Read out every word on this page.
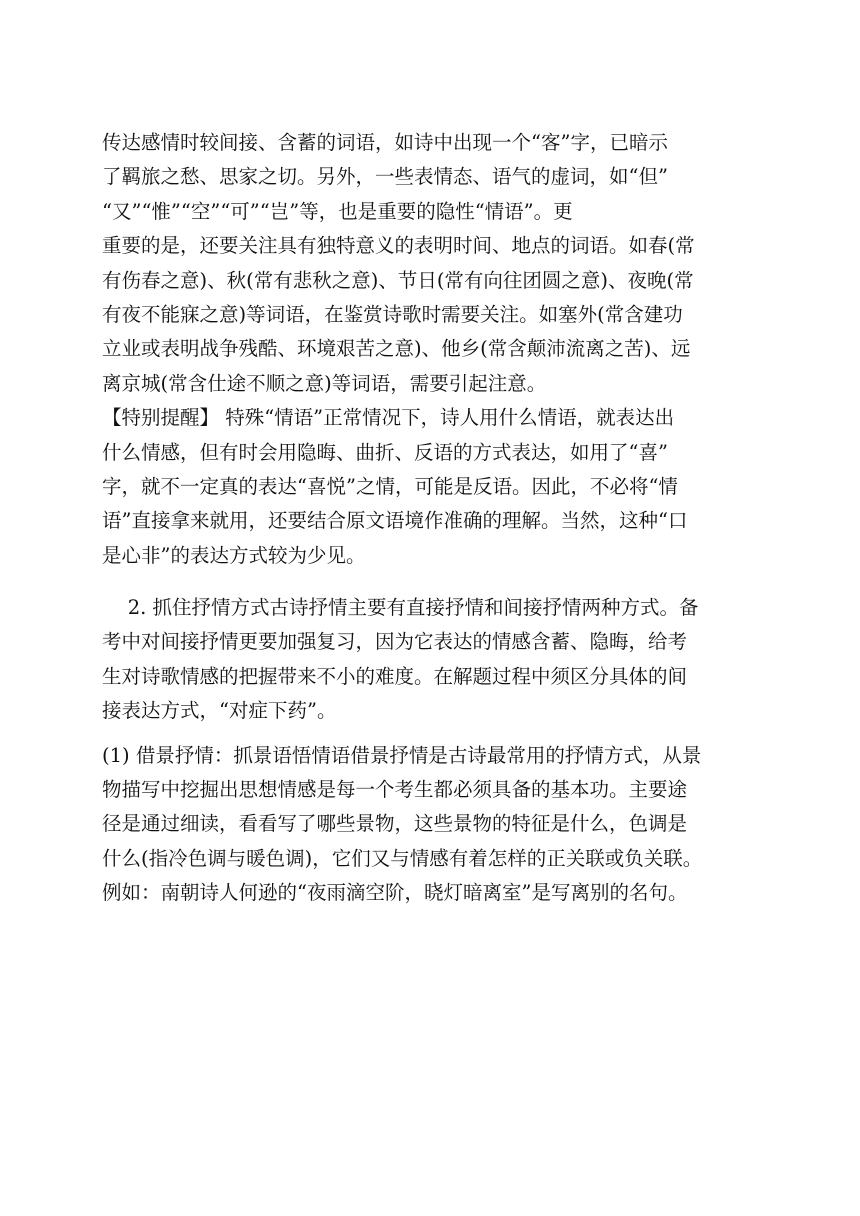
传达感情时较间接、含蓄的词语，如诗中出现一个“客”字，已暗示
了羁旅之愁、思家之切。另外，一些表情态、语气的虚词，如“但”
“又”“惟”“空”“可”“岂”等，也是重要的隐性“情语”。更
重要的是，还要关注具有独特意义的表明时间、地点的词语。如春(常
有伤春之意)、秋(常有悲秋之意)、节日(常有向往团圆之意)、夜晚(常
有夜不能寐之意)等词语，在鉴赏诗歌时需要关注。如塞外(常含建功
立业或表明战争残酷、环境艰苦之意)、他乡(常含颠沛流离之苦)、远
离京城(常含仕途不顺之意)等词语，需要引起注意。
【特别提醒】 特殊“情语”正常情况下，诗人用什么情语，就表达出
什么情感，但有时会用隐晦、曲折、反语的方式表达，如用了“喜”
字，就不一定真的表达“喜悦”之情，可能是反语。因此，不必将“情
语”直接拿来就用，还要结合原文语境作准确的理解。当然，这种“口
是心非”的表达方式较为少见。
　 2. 抓住抒情方式古诗抒情主要有直接抒情和间接抒情两种方式。备
考中对间接抒情更要加强复习，因为它表达的情感含蓄、隐晦，给考
生对诗歌情感的把握带来不小的难度。在解题过程中须区分具体的间
接表达方式，“对症下药”。
(1) 借景抒情：抓景语悟情语借景抒情是古诗最常用的抒情方式，从景
物描写中挖掘出思想情感是每一个考生都必须具备的基本功。主要途
径是通过细读，看看写了哪些景物，这些景物的特征是什么，色调是
什么(指冷色调与暖色调)，它们又与情感有着怎样的正关联或负关联。
例如：南朝诗人何逊的“夜雨滴空阶，晓灯暗离室”是写离别的名句。
